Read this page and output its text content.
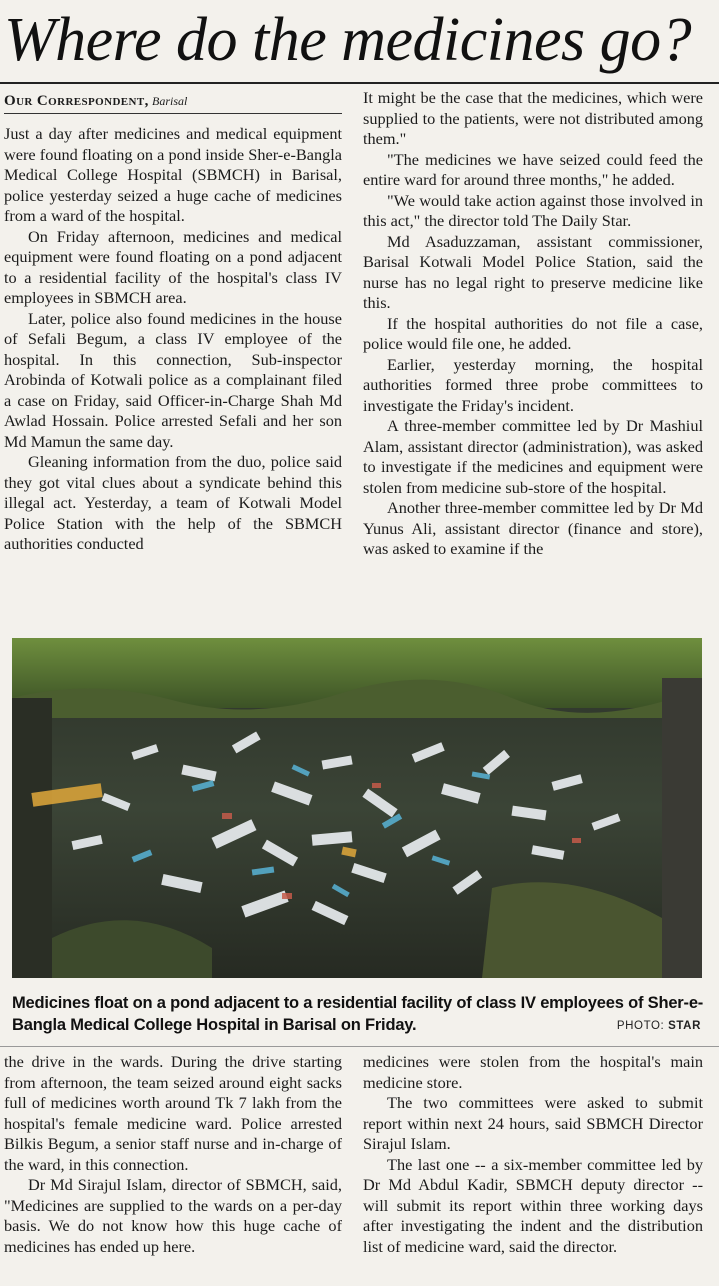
Where do the medicines go?
Our Correspondent, Barisal

Just a day after medicines and medical equipment were found floating on a pond inside Sher-e-Bangla Medical College Hospital (SBMCH) in Barisal, police yesterday seized a huge cache of medicines from a ward of the hospital.

On Friday afternoon, medicines and medical equipment were found floating on a pond adjacent to a residential facility of the hospital's class IV employees in SBMCH area.

Later, police also found medicines in the house of Sefali Begum, a class IV employee of the hospital. In this connection, Sub-inspector Arobinda of Kotwali police as a complainant filed a case on Friday, said Officer-in-Charge Shah Md Awlad Hossain. Police arrested Sefali and her son Md Mamun the same day.

Gleaning information from the duo, police said they got vital clues about a syndicate behind this illegal act. Yesterday, a team of Kotwali Model Police Station with the help of the SBMCH authorities conducted

It might be the case that the medicines, which were supplied to the patients, were not distributed among them."

"The medicines we have seized could feed the entire ward for around three months," he added.

"We would take action against those involved in this act," the director told The Daily Star.

Md Asaduzzaman, assistant commissioner, Barisal Kotwali Model Police Station, said the nurse has no legal right to preserve medicine like this.

If the hospital authorities do not file a case, police would file one, he added.

Earlier, yesterday morning, the hospital authorities formed three probe committees to investigate the Friday's incident.

A three-member committee led by Dr Mashiul Alam, assistant director (administration), was asked to investigate if the medicines and equipment were stolen from medicine sub-store of the hospital.

Another three-member committee led by Dr Md Yunus Ali, assistant director (finance and store), was asked to examine if the

Medicines float on a pond adjacent to a residential facility of class IV employees of Sher-e-Bangla Medical College Hospital in Barisal on Friday.	PHOTO: STAR

the drive in the wards. During the drive starting from afternoon, the team seized around eight sacks full of medicines worth around Tk 7 lakh from the hospital's female medicine ward. Police arrested Bilkis Begum, a senior staff nurse and in-charge of the ward, in this connection.

Dr Md Sirajul Islam, director of SBMCH, said, "Medicines are supplied to the wards on a per-day basis. We do not know how this huge cache of medicines has ended up here.

medicines were stolen from the hospital's main medicine store.

The two committees were asked to submit report within next 24 hours, said SBMCH Director Sirajul Islam.

The last one -- a six-member committee led by Dr Md Abdul Kadir, SBMCH deputy director -- will submit its report within three working days after investigating the indent and the distribution list of medicine ward, said the director.
